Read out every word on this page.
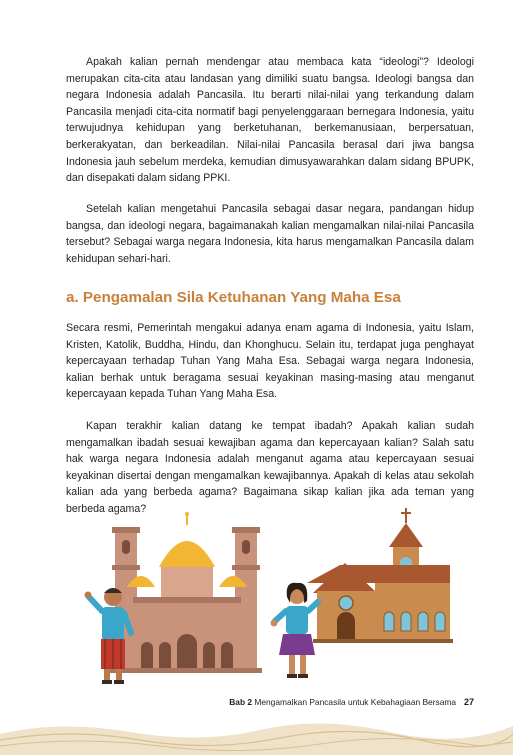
Apakah kalian pernah mendengar atau membaca kata “ideologi”? Ideologi merupakan cita-cita atau landasan yang dimiliki suatu bangsa. Ideologi bangsa dan negara Indonesia adalah Pancasila. Itu berarti nilai-nilai yang terkandung dalam Pancasila menjadi cita-cita normatif bagi penyelenggaraan bernegara Indonesia, yaitu terwujudnya kehidupan yang berketuhanan, berkemanusiaan, berpersatuan, berkerakyatan, dan berkeadilan. Nilai-nilai Pancasila berasal dari jiwa bangsa Indonesia jauh sebelum merdeka, kemudian dimusyawarahkan dalam sidang BPUPK, dan disepakati dalam sidang PPKI.

Setelah kalian mengetahui Pancasila sebagai dasar negara, pandangan hidup bangsa, dan ideologi negara, bagaimanakah kalian mengamalkan nilai-nilai Pancasila tersebut? Sebagai warga negara Indonesia, kita harus mengamalkan Pancasila dalam kehidupan sehari-hari.

a. Pengamalan Sila Ketuhanan Yang Maha Esa

Secara resmi, Pemerintah mengakui adanya enam agama di Indonesia, yaitu Islam, Kristen, Katolik, Buddha, Hindu, dan Khonghucu. Selain itu, terdapat juga penghayat kepercayaan terhadap Tuhan Yang Maha Esa. Sebagai warga negara Indonesia, kalian berhak untuk beragama sesuai keyakinan masing-masing atau menganut kepercayaan kepada Tuhan Yang Maha Esa.

Kapan terakhir kalian datang ke tempat ibadah? Apakah kalian sudah mengamalkan ibadah sesuai kewajiban agama dan kepercayaan kalian? Salah satu hak warga negara Indonesia adalah menganut agama atau kepercayaan sesuai keyakinan disertai dengan mengamalkan kewajibannya. Apakah di kelas atau sekolah kalian ada yang berbeda agama? Bagaimana sikap kalian jika ada teman yang berbeda agama?

Bab 2 Mengamalkan Pancasila untuk Kebahagiaan Bersama 27
